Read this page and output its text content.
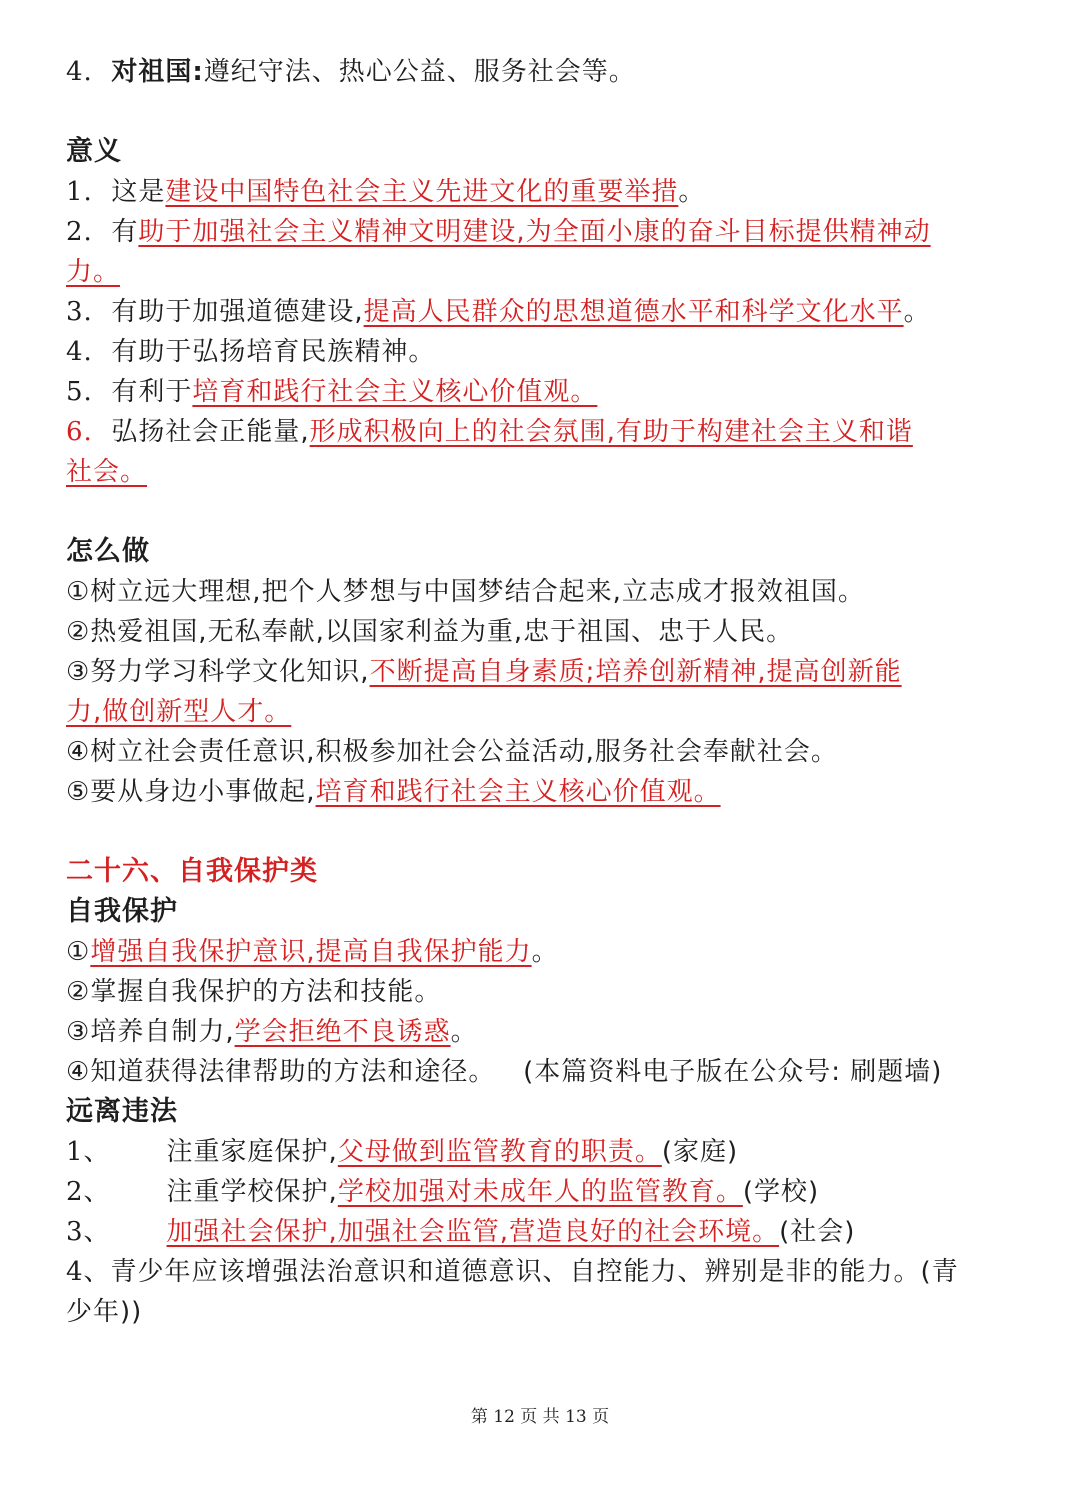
4. 对祖国:遵纪守法、热心公益、服务社会等。
意义
1. 这是建设中国特色社会主义先进文化的重要举措。
2. 有助于加强社会主义精神文明建设,为全面小康的奋斗目标提供精神动
力。
3. 有助于加强道德建设,提高人民群众的思想道德水平和科学文化水平。
4. 有助于弘扬培育民族精神。
5. 有利于培育和践行社会主义核心价值观。
6. 弘扬社会正能量,形成积极向上的社会氛围,有助于构建社会主义和谐
社会。
怎么做
①树立远大理想,把个人梦想与中国梦结合起来,立志成才报效祖国。
②热爱祖国,无私奉献,以国家利益为重,忠于祖国、忠于人民。
③努力学习科学文化知识,不断提高自身素质;培养创新精神,提高创新能
力,做创新型人才。
④树立社会责任意识,积极参加社会公益活动,服务社会奉献社会。
⑤要从身边小事做起,培育和践行社会主义核心价值观。
二十六、自我保护类
自我保护
①增强自我保护意识,提高自我保护能力。
②掌握自我保护的方法和技能。
③培养自制力,学会拒绝不良诱惑。
④知道获得法律帮助的方法和途径。 (本篇资料电子版在公众号: 刷题墙)
远离违法
1、 注重家庭保护,父母做到监管教育的职责。(家庭)
2、 注重学校保护,学校加强对未成年人的监管教育。(学校)
3、 加强社会保护,加强社会监管,营造良好的社会环境。(社会)
4、青少年应该增强法治意识和道德意识、自控能力、辨别是非的能力。(青
少年))
第 12 页 共 13 页
